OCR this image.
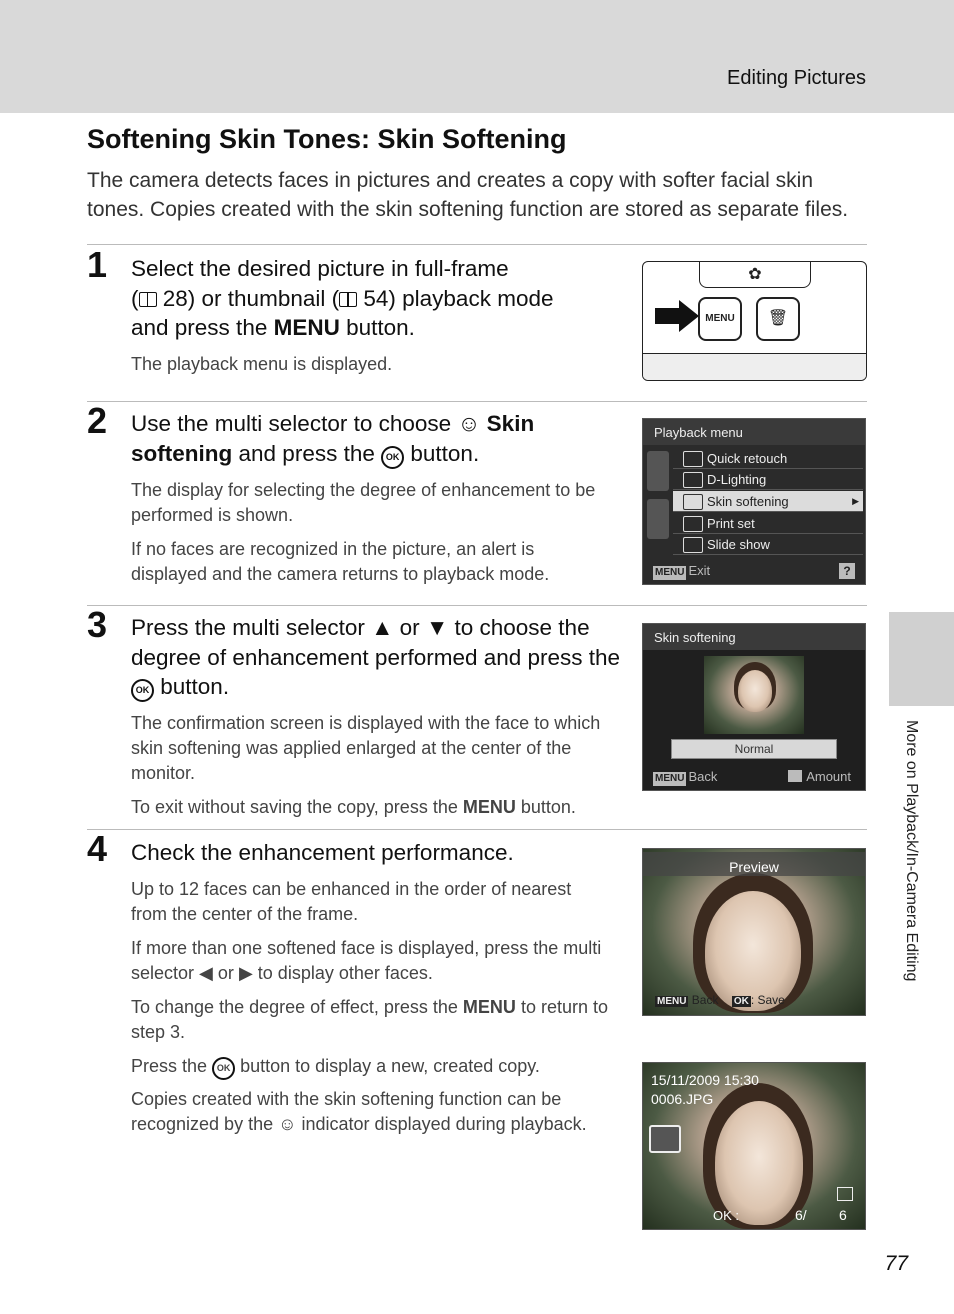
Editing Pictures
More on Playback/In-Camera Editing
77
Softening Skin Tones: Skin Softening

The camera detects faces in pictures and creates a copy with softer facial skin tones. Copies created with the skin softening function are stored as separate files.

1 Select the desired picture in full-frame
( 28) or thumbnail ( 54) playback mode
and press the MENU button.

The playback menu is displayed.

✿
MENU	🗑
2 Use the multi selector to choose ☺ Skin softening and press the OK button.

The display for selecting the degree of enhancement to be performed is shown.

If no faces are recognized in the picture, an alert is displayed and the camera returns to playback mode.

Playback menu
Quick retouch
D-Lighting
Skin softening	▶
Print set
Slide show
MENU Exit	?
3 Press the multi selector ▲ or ▼ to choose the degree of enhancement performed and press the OK button.

The confirmation screen is displayed with the face to which skin softening was applied enlarged at the center of the monitor.

To exit without saving the copy, press the MENU button.

Skin softening
Normal
MENU Back	Amount
4 Check the enhancement performance.

Up to 12 faces can be enhanced in the order of nearest from the center of the frame.

If more than one softened face is displayed, press the multi selector ◀ or ▶ to display other faces.

To change the degree of effect, press the MENU to return to step 3.

Press the OK button to display a new, created copy.

Copies created with the skin softening function can be recognized by the ☺ indicator displayed during playback.

Preview
MENU Back OK : Save
15/11/2009 15:30
0006.JPG
OK :	6/ 6
